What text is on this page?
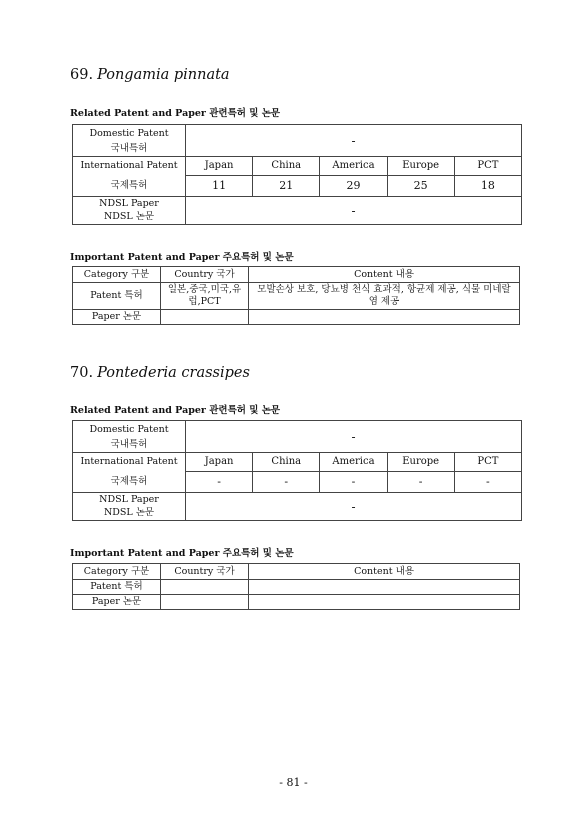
69. Pongamia pinnata
Related Patent and Paper 관련특허 및 논문
Domestic Patent	-				
국내특허					
International Patent	Japan	China	America	Europe	PCT
국제특허	11	21	29	25	18
NDSL Paper	-				
NDSL 논문					
Important Patent and Paper 주요특허 및 논문
Category 구분	Country 국가	Content 내용
Patent 특허	일본,중국,미국,유럽,PCT	모발손상 보호, 당뇨병 천식 효과적, 항균제 제공, 식물 미네랄염 제공
Paper 논문		
70. Pontederia crassipes
Related Patent and Paper 관련특허 및 논문
Domestic Patent	-				
국내특허					
International Patent	Japan	China	America	Europe	PCT
국제특허	-	-	-	-	-
NDSL Paper	-				
NDSL 논문					
Important Patent and Paper 주요특허 및 논문
Category 구분	Country 국가	Content 내용
Patent 특허		
Paper 논문		
- 81 -
